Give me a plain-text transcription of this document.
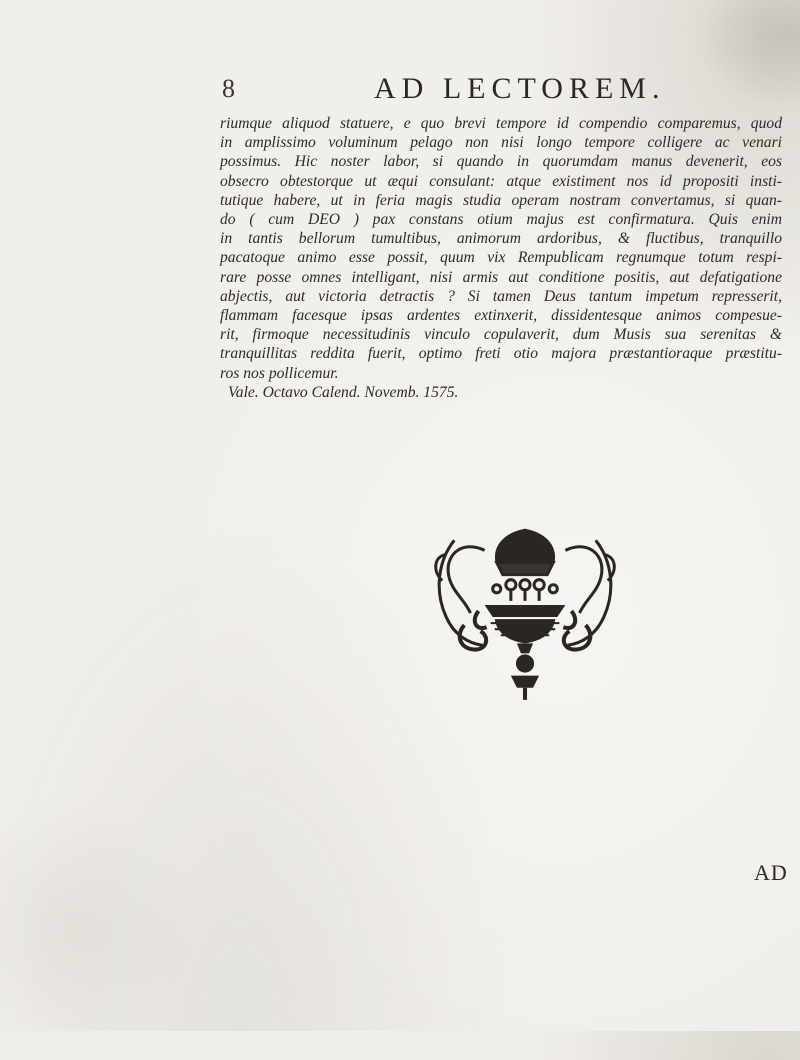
8	AD LECTOREM.
riumque aliquod statuere, e quo brevi tempore id compendio comparemus, quod
in amplissimo voluminum pelago non nisi longo tempore colligere ac venari
possimus. Hic noster labor, si quando in quorumdam manus devenerit, eos
obsecro obtestorque ut æqui consulant: atque existiment nos id propositi insti-
tutique habere, ut in feria magis studia operam nostram convertamus, si quan-
do ( cum DEO ) pax constans otium majus est confirmatura. Quis enim
in tantis bellorum tumultibus, animorum ardoribus, & fluctibus, tranquillo
pacatoque animo esse possit, quum vix Rempublicam regnumque totum respi-
rare posse omnes intelligant, nisi armis aut conditione positis, aut defatigatione
abjectis, aut victoria detractis ? Si tamen Deus tantum impetum represserit,
flammam facesque ipsas ardentes extinxerit, dissidentesque animos compesue-
rit, firmoque necessitudinis vinculo copulaverit, dum Musis sua serenitas &
tranquillitas reddita fuerit, optimo freti otio majora præstantioraque præstitu-
ros nos pollicemur.
Vale. Octavo Calend. Novemb. 1575.
AD
